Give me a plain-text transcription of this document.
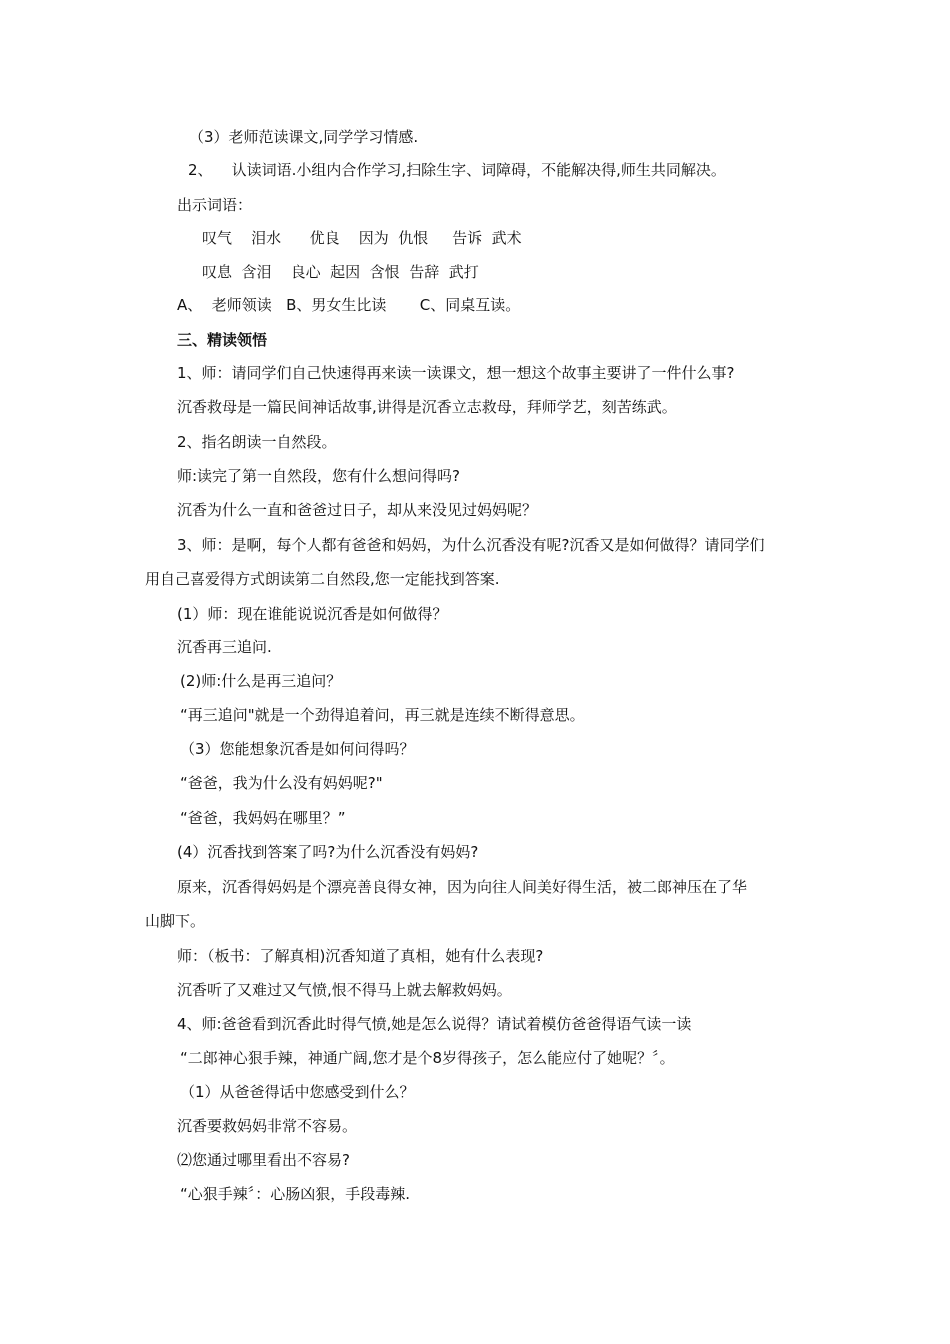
（3）老师范读课文,同学学习情感.

2、    认读词语.小组内合作学习,扫除生字、词障碍，不能解决得,师生共同解决。

出示词语：

叹气    泪水      优良    因为  仇恨     告诉  武术

叹息  含泪    良心  起因  含恨  告辞  武打

A、  老师领读   B、男女生比读       C、同桌互读。

三、精读领悟

1、师：请同学们自己快速得再来读一读课文，想一想这个故事主要讲了一件什么事?

沉香救母是一篇民间神话故事,讲得是沉香立志救母，拜师学艺，刻苦练武。

2、指名朗读一自然段。

师:读完了第一自然段，您有什么想问得吗?

沉香为什么一直和爸爸过日子，却从来没见过妈妈呢？

3、师：是啊，每个人都有爸爸和妈妈，为什么沉香没有呢?沉香又是如何做得？请同学们

用自己喜爱得方式朗读第二自然段,您一定能找到答案.

(1）师：现在谁能说说沉香是如何做得？

沉香再三追问.

(2)师:什么是再三追问？

“再三追问"就是一个劲得追着问，再三就是连续不断得意思。

（3）您能想象沉香是如何问得吗？

“爸爸，我为什么没有妈妈呢?"

“爸爸，我妈妈在哪里？”

(4）沉香找到答案了吗?为什么沉香没有妈妈?

原来，沉香得妈妈是个漂亮善良得女神，因为向往人间美好得生活，被二郎神压在了华

山脚下。

师：（板书：了解真相)沉香知道了真相，她有什么表现?

沉香听了又难过又气愤,恨不得马上就去解救妈妈。

4、师:爸爸看到沉香此时得气愤,她是怎么说得？请试着模仿爸爸得语气读一读

“二郎神心狠手辣，神通广阔,您才是个8岁得孩子，怎么能应付了她呢？〞。

（1）从爸爸得话中您感受到什么？

沉香要救妈妈非常不容易。

⑵您通过哪里看出不容易?

“心狠手辣〞：心肠凶狠，手段毒辣.
